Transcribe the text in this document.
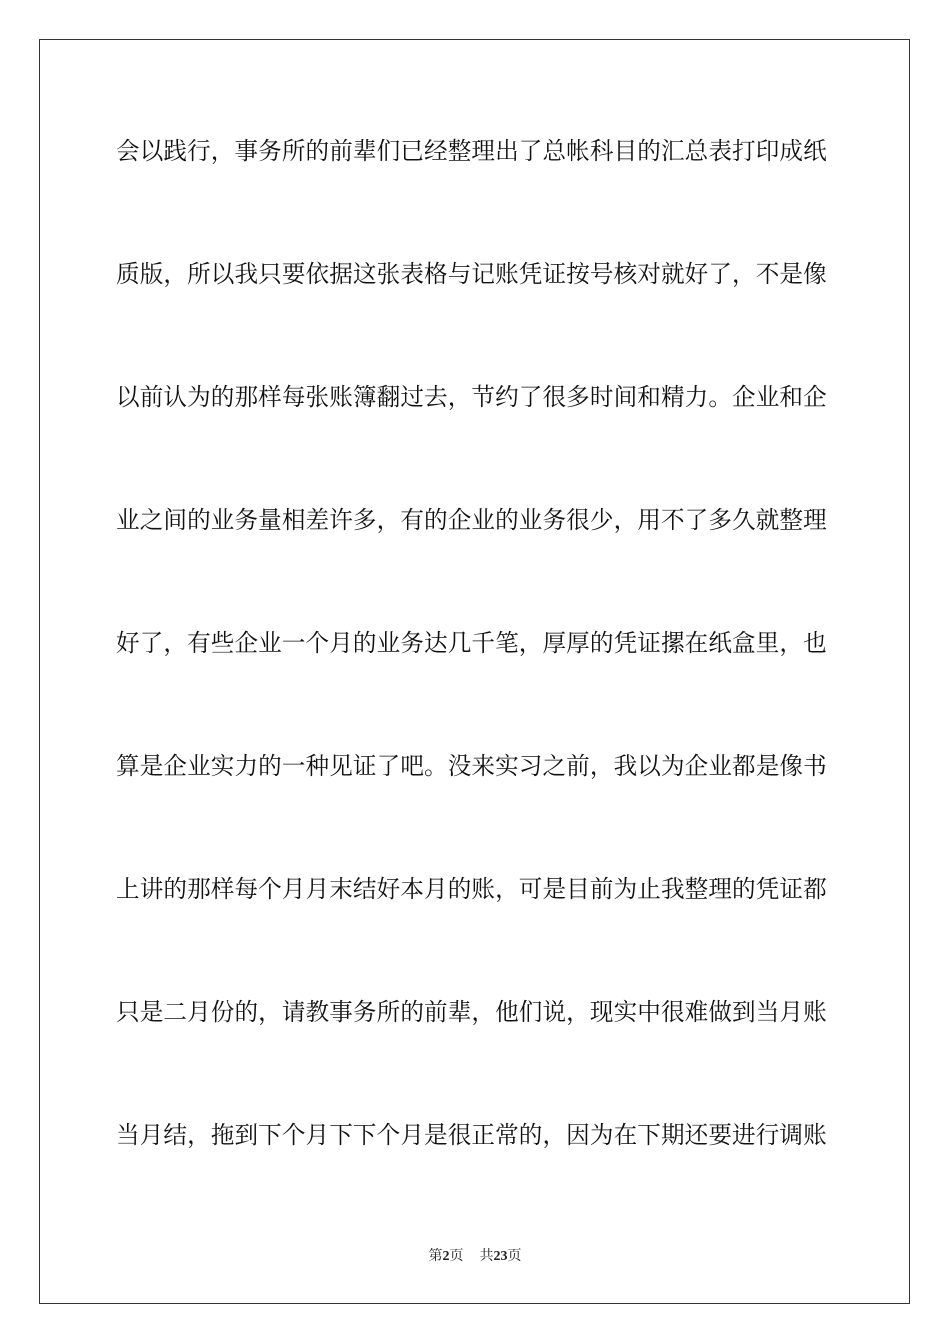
会以践行，事务所的前辈们已经整理出了总帐科目的汇总表打印成纸
质版，所以我只要依据这张表格与记账凭证按号核对就好了，不是像
以前认为的那样每张账簿翻过去，节约了很多时间和精力。企业和企
业之间的业务量相差许多，有的企业的业务很少，用不了多久就整理
好了，有些企业一个月的业务达几千笔，厚厚的凭证摞在纸盒里，也
算是企业实力的一种见证了吧。没来实习之前，我以为企业都是像书
上讲的那样每个月月末结好本月的账，可是目前为止我整理的凭证都
只是二月份的，请教事务所的前辈，他们说，现实中很难做到当月账
当月结，拖到下个月下下个月是很正常的，因为在下期还要进行调账
第2页 共23页
